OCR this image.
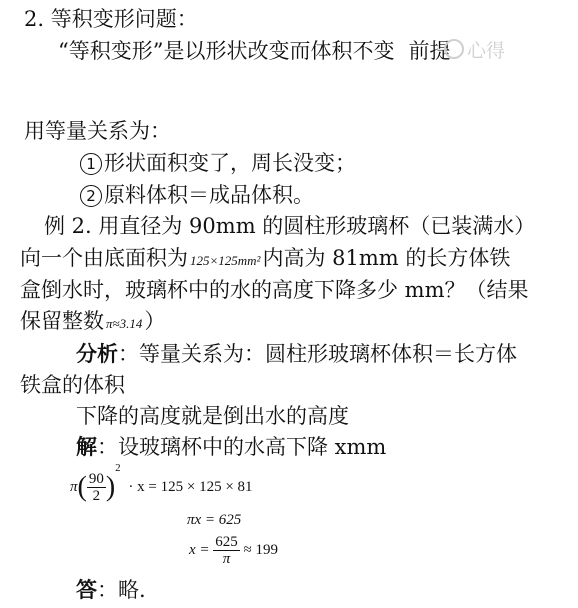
2. 等积变形问题：
“等积变形”是以形状改变而体积不变 前提 心得
用等量关系为：
1 形状面积变了，周长没变；
2 原料体积＝成品体积。
例 2. 用直径为 90mm 的圆柱形玻璃杯（已装满水）
向一个由底面积为 125×125mm²内高为 81mm 的长方体铁
盒倒水时，玻璃杯中的水的高度下降多少 mm？（结果
保留整数 π≈3.14）
分析：等量关系为：圆柱形玻璃杯体积＝长方体
铁盒的体积
下降的高度就是倒出水的高度
解：设玻璃杯中的水高下降 xmm
$\pi( \frac{90}{2} )^2 \cdot x = 125 \times 125 \times 81$
πx = 625
$x = \frac{625}{\pi} \approx 199$
答：略.
